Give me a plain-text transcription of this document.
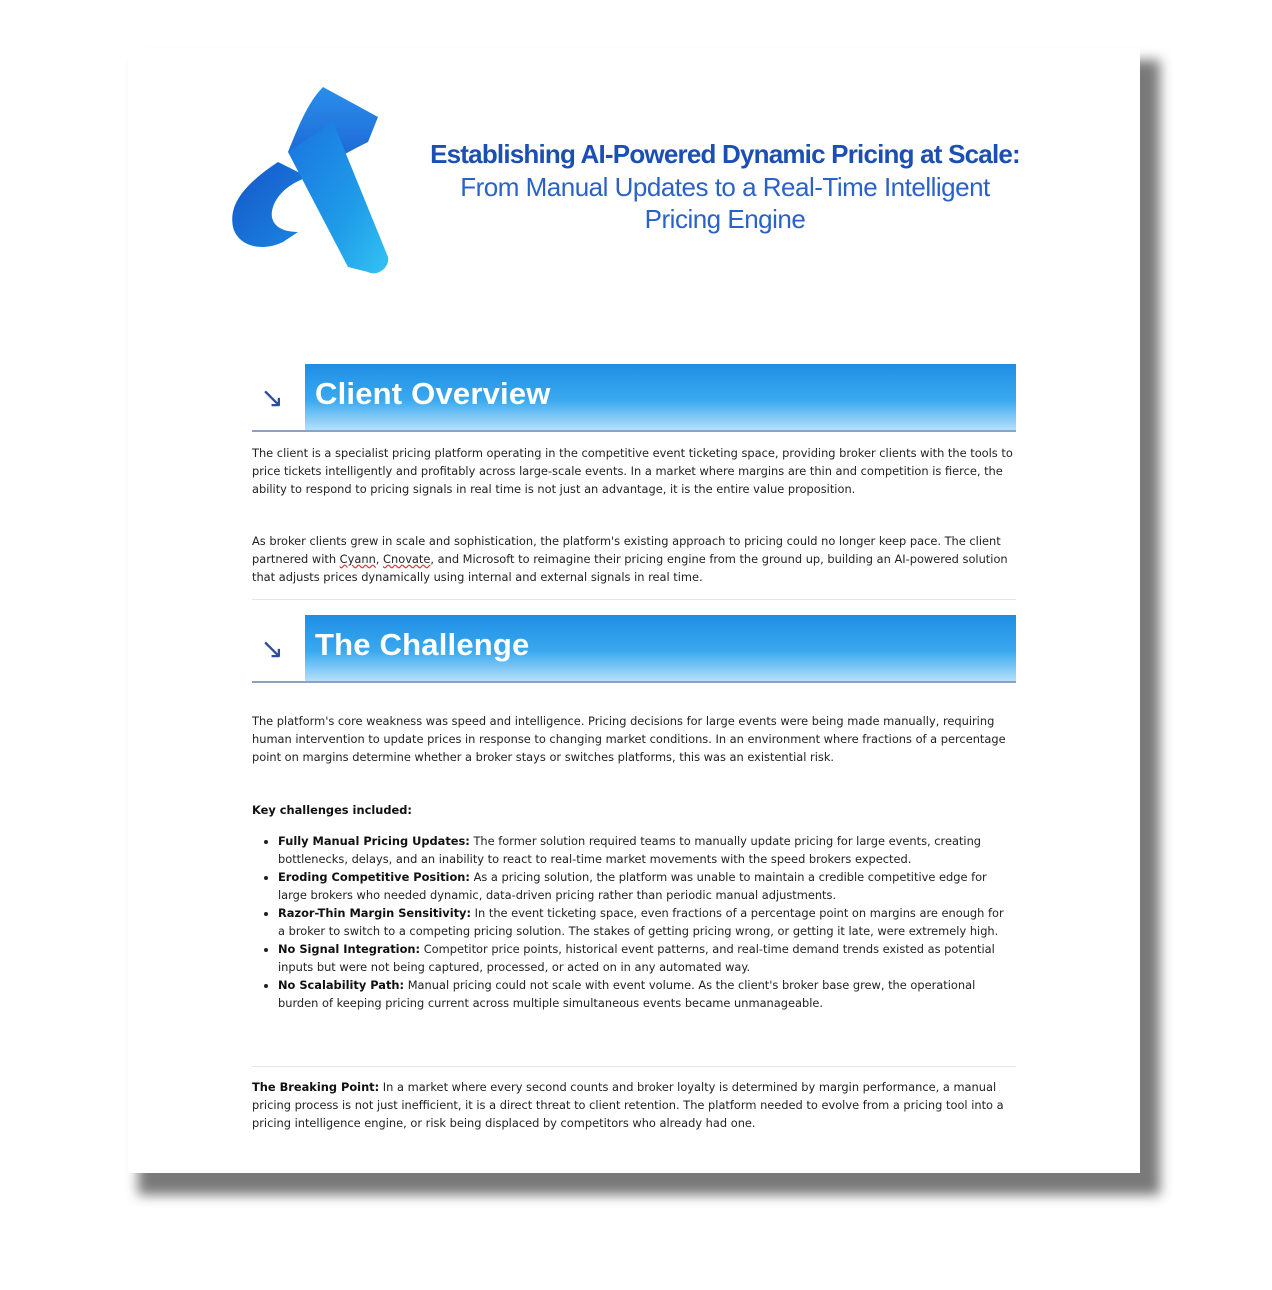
Establishing AI-Powered Dynamic Pricing at Scale:
From Manual Updates to a Real-Time Intelligent
Pricing Engine
↘ Client Overview

The client is a specialist pricing platform operating in the competitive event ticketing space, providing broker clients with the tools to price tickets intelligently and profitably across large-scale events. In a market where margins are thin and competition is fierce, the ability to respond to pricing signals in real time is not just an advantage, it is the entire value proposition.

As broker clients grew in scale and sophistication, the platform's existing approach to pricing could no longer keep pace. The client partnered with Cyann, Cnovate, and Microsoft to reimagine their pricing engine from the ground up, building an AI-powered solution that adjusts prices dynamically using internal and external signals in real time.

↘ The Challenge

The platform's core weakness was speed and intelligence. Pricing decisions for large events were being made manually, requiring human intervention to update prices in response to changing market conditions. In an environment where fractions of a percentage point on margins determine whether a broker stays or switches platforms, this was an existential risk.

Key challenges included:
• Fully Manual Pricing Updates: The former solution required teams to manually update pricing for large events, creating bottlenecks, delays, and an inability to react to real-time market movements with the speed brokers expected.
• Eroding Competitive Position: As a pricing solution, the platform was unable to maintain a credible competitive edge for large brokers who needed dynamic, data-driven pricing rather than periodic manual adjustments.
• Razor-Thin Margin Sensitivity: In the event ticketing space, even fractions of a percentage point on margins are enough for a broker to switch to a competing pricing solution. The stakes of getting pricing wrong, or getting it late, were extremely high.
• No Signal Integration: Competitor price points, historical event patterns, and real-time demand trends existed as potential inputs but were not being captured, processed, or acted on in any automated way.
• No Scalability Path: Manual pricing could not scale with event volume. As the client's broker base grew, the operational burden of keeping pricing current across multiple simultaneous events became unmanageable.

The Breaking Point: In a market where every second counts and broker loyalty is determined by margin performance, a manual pricing process is not just inefficient, it is a direct threat to client retention. The platform needed to evolve from a pricing tool into a pricing intelligence engine, or risk being displaced by competitors who already had one.
